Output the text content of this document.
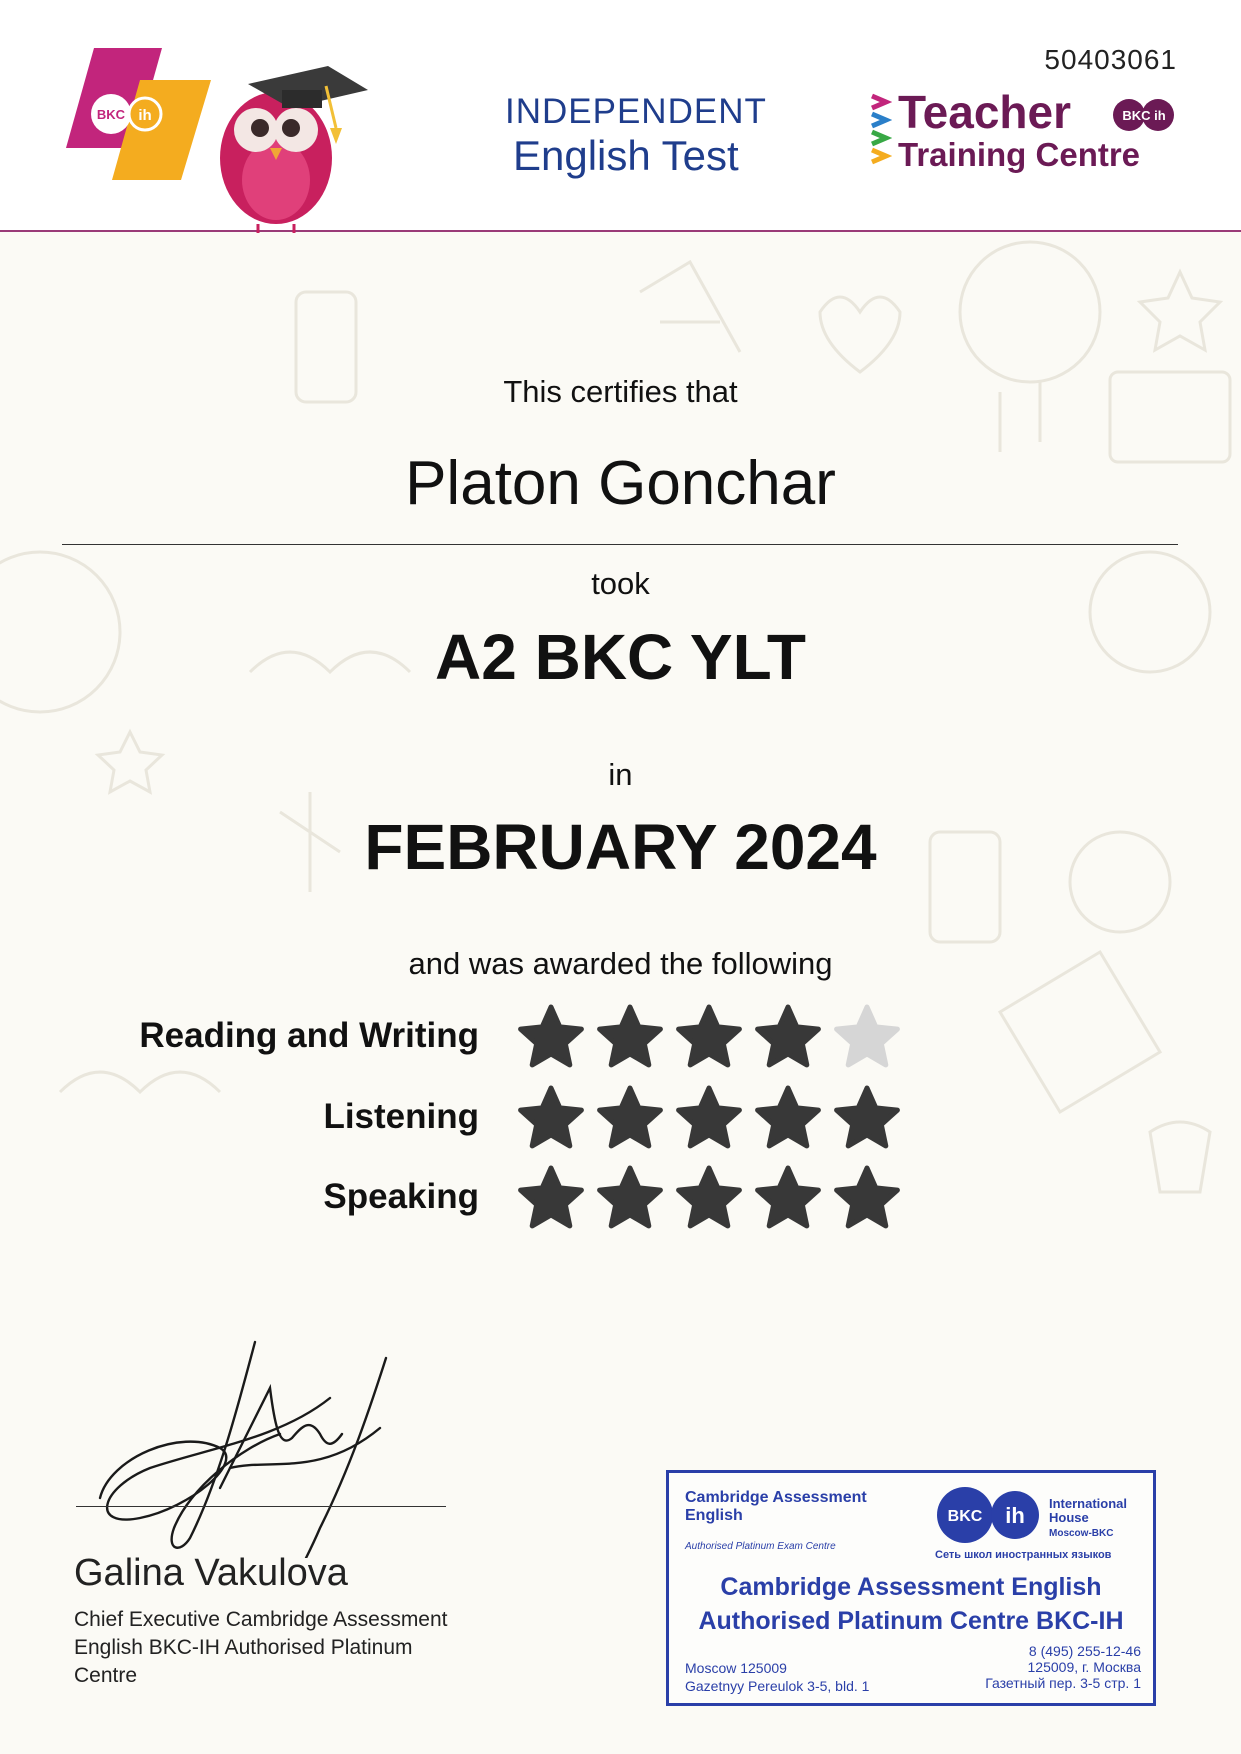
BKC ih	INDEPENDENT
English Test
50403061
Teacher	BKC ih
Training Centre
This certifies that
Platon Gonchar
took
A2 BKC YLT
in
FEBRUARY 2024
and was awarded the following
Reading and Writing
Listening
Speaking
Galina Vakulova
Chief Executive Cambridge Assessment English BKC-IH Authorised Platinum Centre
Cambridge Assessment
English
Authorised Platinum Exam Centre
BKC ih International
House
Moscow-BKC
Сеть школ иностранных языков
Cambridge Assessment English
Authorised Platinum Centre BKC-IH
Moscow 125009
Gazetnyy Pereulok 3-5, bld. 1
8 (495) 255-12-46
125009, г. Москва
Газетный пер. 3-5 стр. 1
